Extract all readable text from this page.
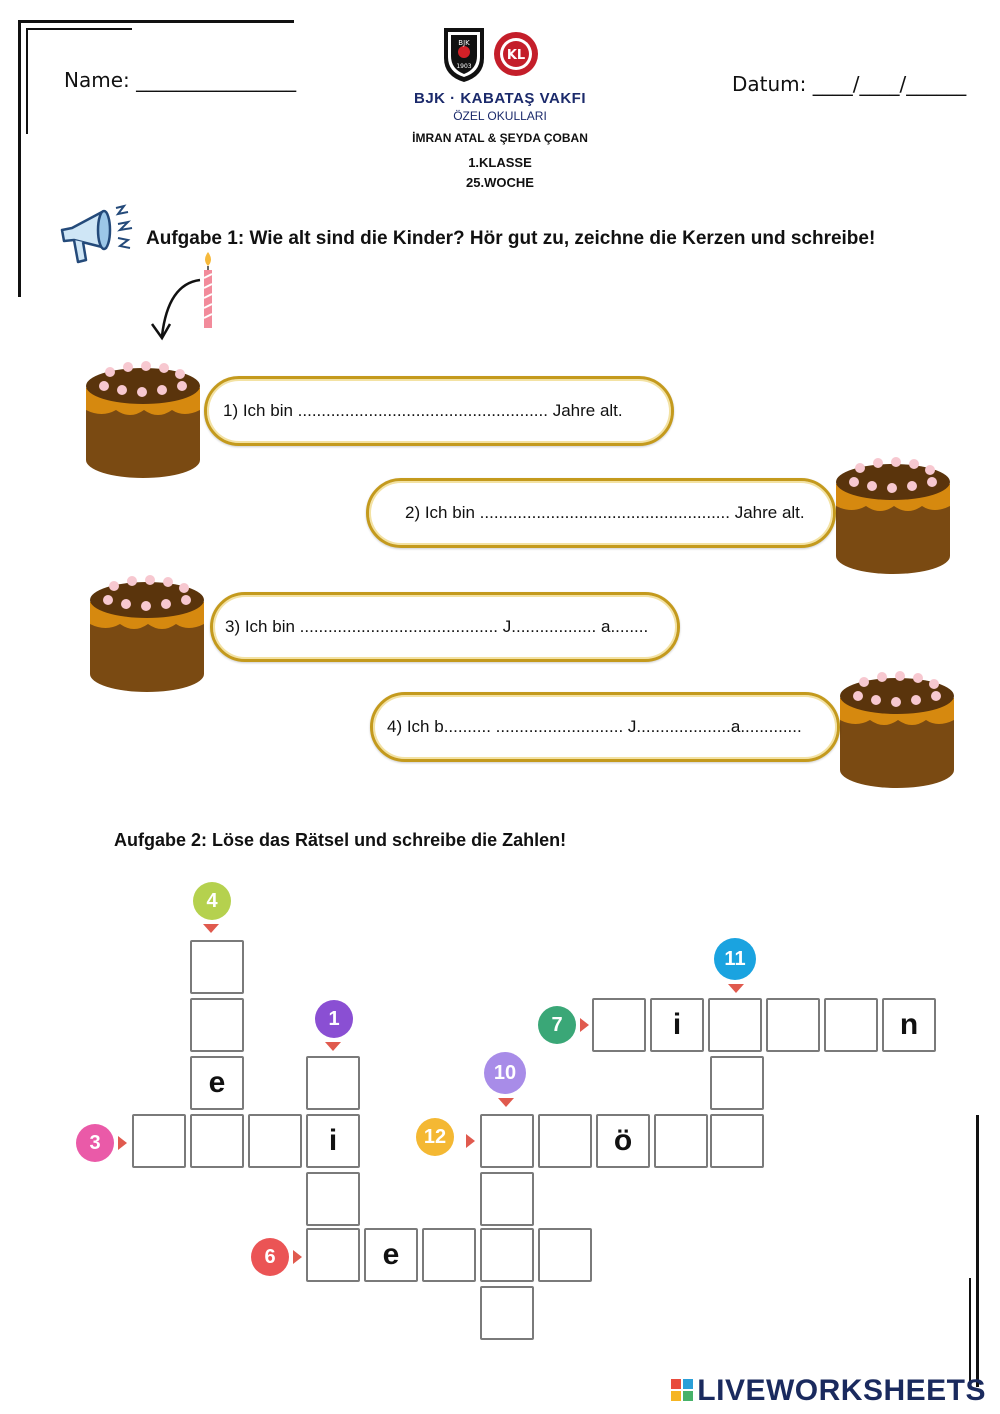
Name: ________________	Datum: ____/____/______
BJK
1903
KL
BJK · KABATAŞ VAKFI
ÖZEL OKULLARI
İMRAN ATAL & ŞEYDA ÇOBAN
1.KLASSE
25.WOCHE
Aufgabe 1: Wie alt sind die Kinder? Hör gut zu, zeichne die Kerzen und schreibe!
1) Ich bin ..................................................... Jahre alt.
2) Ich bin ..................................................... Jahre alt.
3) Ich bin .......................................... J.................. a........
4) Ich b.......... ........................... J....................a.............
Aufgabe 2: Löse das Rätsel und schreibe die Zahlen!
4
1
11
7
10
3	12
6
e
i
e
ö
i	n
LIVEWORKSHEETS
